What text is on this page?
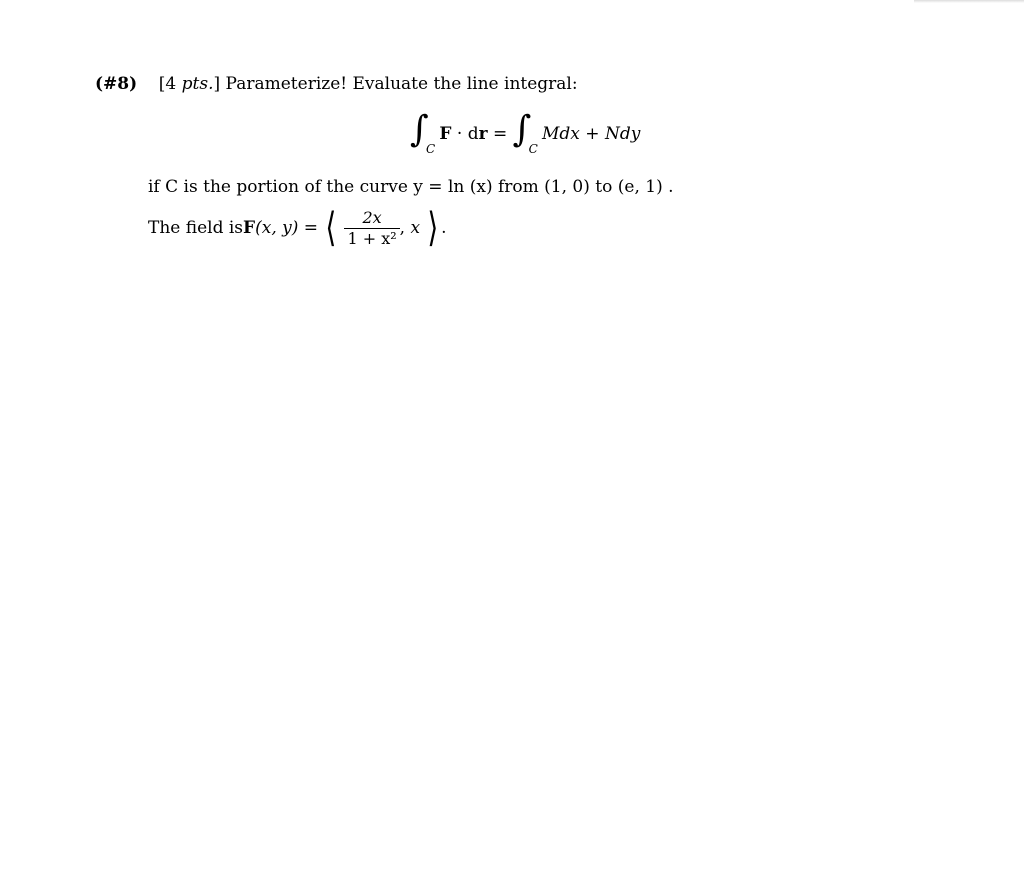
(#8) [4 pts.] Parameterize! Evaluate the line integral:
∫
C
F · dr = ∫
C
Mdx + Ndy
if C is the portion of the curve y = ln (x) from (1, 0) to (e, 1) .
The field isF(x, y) = ⟨ $\frac{2x}{\text{1 + x²}}$ , x ⟩ .
